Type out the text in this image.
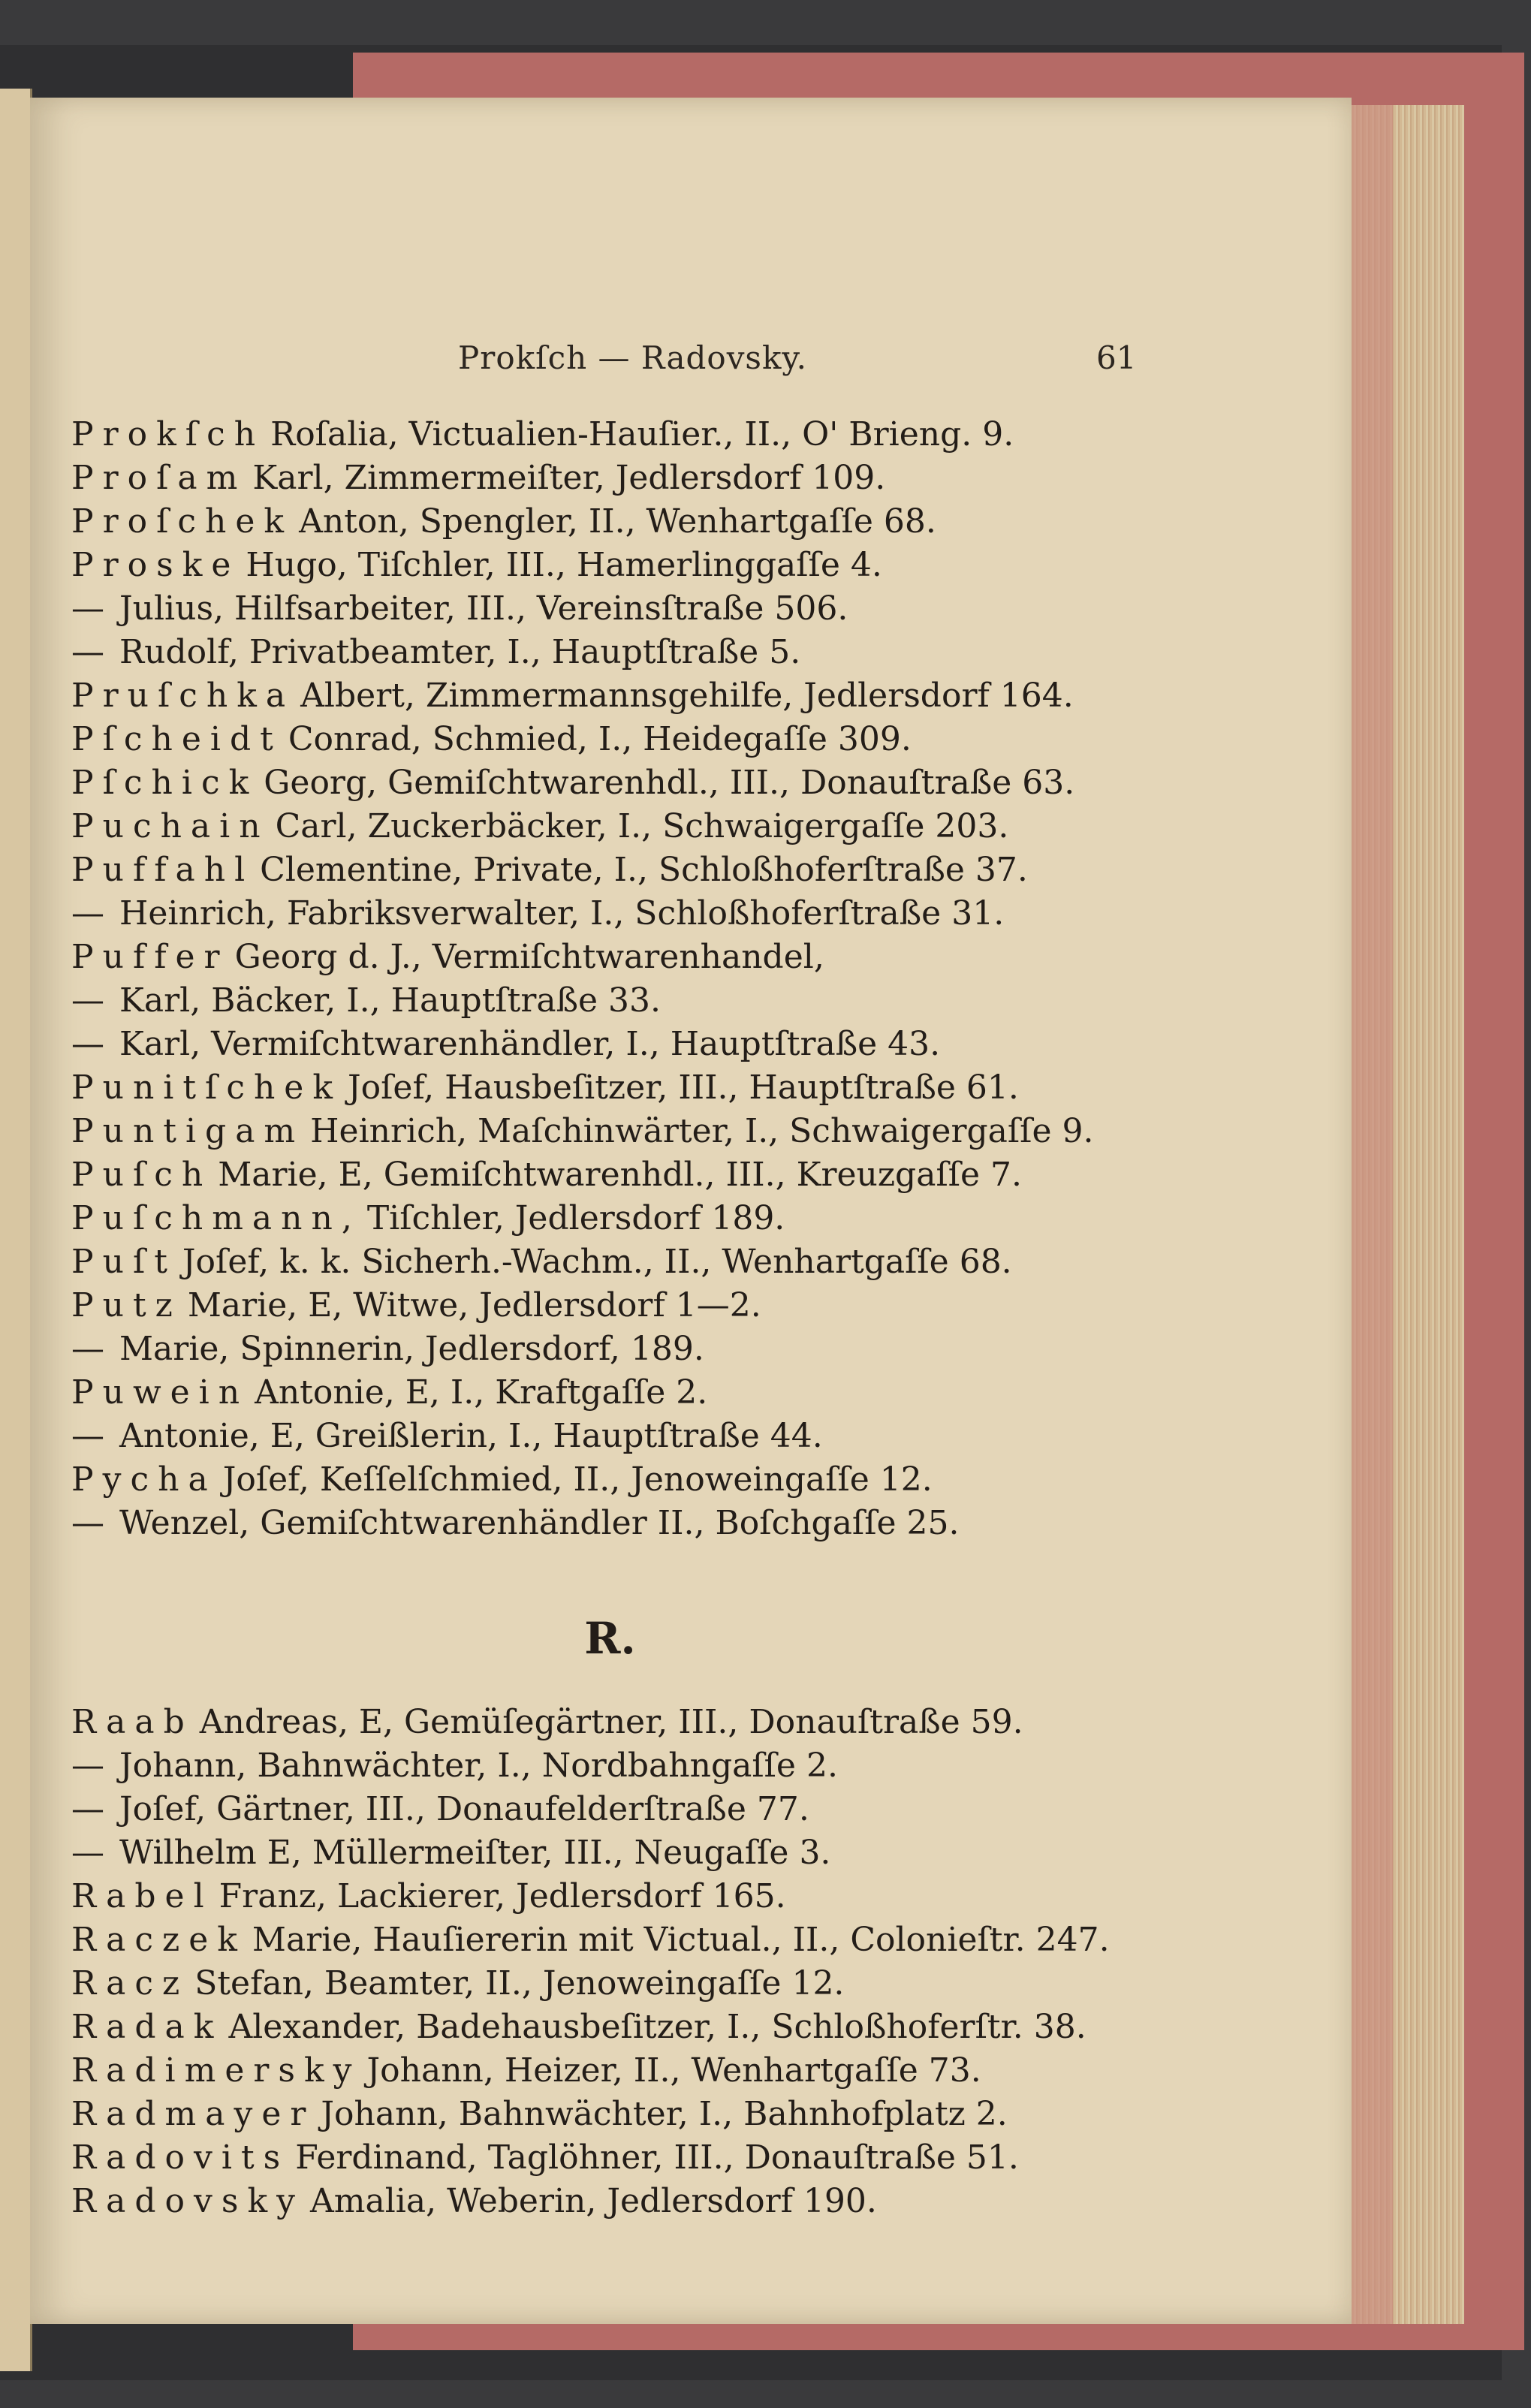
Prokſch — Radovsky.	61
Prokſch Roſalia, Victualien-Hauſier., II., O' Brieng. 9.
Proſam Karl, Zimmermeiſter, Jedlersdorf 109.
Proſchek Anton, Spengler, II., Wenhartgaſſe 68.
Proske Hugo, Tiſchler, III., Hamerlinggaſſe 4.
— Julius, Hilfsarbeiter, III., Vereinsſtraße 506.
— Rudolf, Privatbeamter, I., Hauptſtraße 5.
Pruſchka Albert, Zimmermannsgehilfe, Jedlersdorf 164.
Pſcheidt Conrad, Schmied, I., Heidegaſſe 309.
Pſchick Georg, Gemiſchtwarenhdl., III., Donauſtraße 63.
Puchain Carl, Zuckerbäcker, I., Schwaigergaſſe 203.
Puffahl Clementine, Private, I., Schloßhoferſtraße 37.
— Heinrich, Fabriksverwalter, I., Schloßhoferſtraße 31.
Puffer Georg d. J., Vermiſchtwarenhandel,
— Karl, Bäcker, I., Hauptſtraße 33.
— Karl, Vermiſchtwarenhändler, I., Hauptſtraße 43.
Punitſchek Joſef, Hausbeſitzer, III., Hauptſtraße 61.
Puntigam Heinrich, Maſchinwärter, I., Schwaigergaſſe 9.
Puſch Marie, E, Gemiſchtwarenhdl., III., Kreuzgaſſe 7.
Puſchmann, Tiſchler, Jedlersdorf 189.
Puſt Joſef, k. k. Sicherh.-Wachm., II., Wenhartgaſſe 68.
Putz Marie, E, Witwe, Jedlersdorf 1—2.
— Marie, Spinnerin, Jedlersdorf, 189.
Puwein Antonie, E, I., Kraftgaſſe 2.
— Antonie, E, Greißlerin, I., Hauptſtraße 44.
Pycha Joſef, Keſſelſchmied, II., Jenoweingaſſe 12.
— Wenzel, Gemiſchtwarenhändler II., Boſchgaſſe 25.
R.
Raab Andreas, E, Gemüſegärtner, III., Donauſtraße 59.
— Johann, Bahnwächter, I., Nordbahngaſſe 2.
— Joſef, Gärtner, III., Donaufelderſtraße 77.
— Wilhelm E, Müllermeiſter, III., Neugaſſe 3.
Rabel Franz, Lackierer, Jedlersdorf 165.
Raczek Marie, Hauſiererin mit Victual., II., Colonieſtr. 247.
Racz Stefan, Beamter, II., Jenoweingaſſe 12.
Radak Alexander, Badehausbeſitzer, I., Schloßhoferſtr. 38.
Radimersky Johann, Heizer, II., Wenhartgaſſe 73.
Radmayer Johann, Bahnwächter, I., Bahnhofplatz 2.
Radovits Ferdinand, Taglöhner, III., Donauſtraße 51.
Radovsky Amalia, Weberin, Jedlersdorf 190.
